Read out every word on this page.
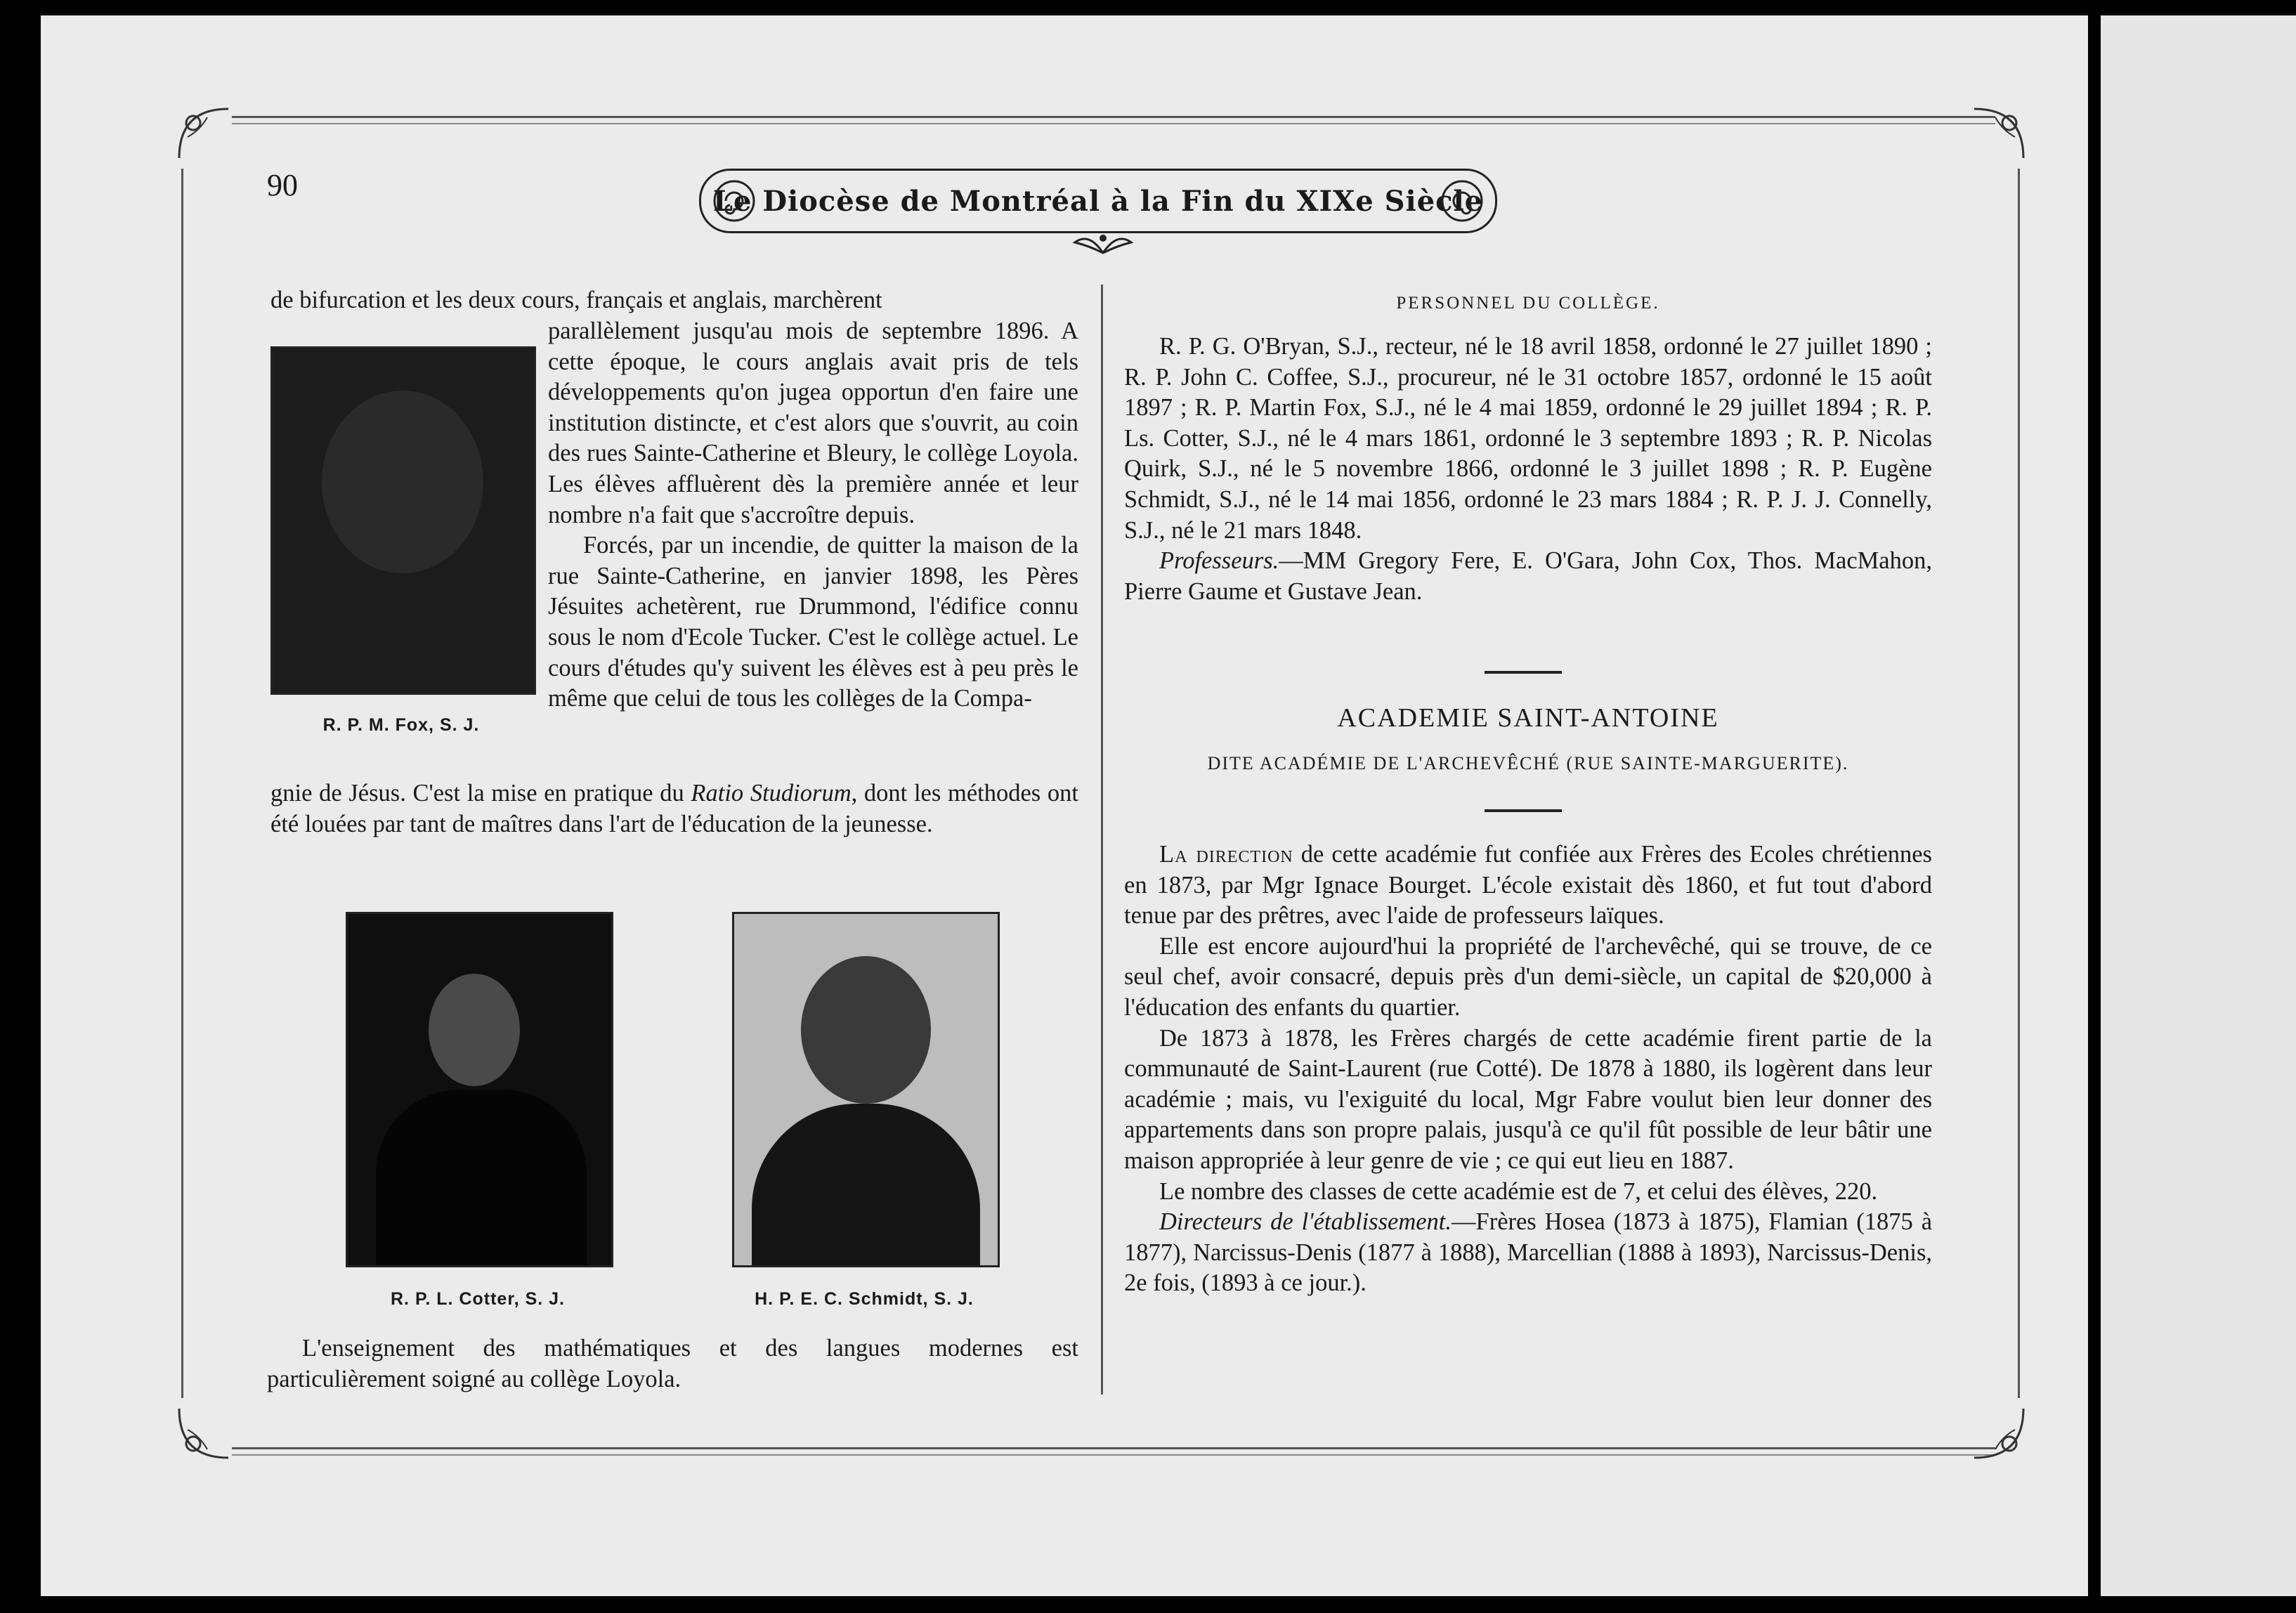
90	Le Diocèse de Montréal à la Fin du XIXe Siècle

de bifurcation et les deux cours, français et anglais, marchèrent

R. P. M. Fox, S. J.

parallèlement jusqu'au mois de septembre 1896. A cette époque, le cours anglais avait pris de tels développements qu'on jugea opportun d'en faire une institution distincte, et c'est alors que s'ouvrit, au coin des rues Sainte-Catherine et Bleury, le collège Loyola. Les élèves affluèrent dès la première année et leur nombre n'a fait que s'accroître depuis.

Forcés, par un incendie, de quitter la maison de la rue Sainte-Catherine, en janvier 1898, les Pères Jésuites achetèrent, rue Drummond, l'édifice connu sous le nom d'Ecole Tucker. C'est le collège actuel. Le cours d'études qu'y suivent les élèves est à peu près le même que celui de tous les collèges de la Compa-

gnie de Jésus. C'est la mise en pratique du Ratio Studiorum, dont les méthodes ont été louées par tant de maîtres dans l'art de l'éducation de la jeunesse.

R. P. L. Cotter, S. J.	H. P. E. C. Schmidt, S. J.

L'enseignement des mathématiques et des langues modernes est particulièrement soigné au collège Loyola.

PERSONNEL DU COLLÈGE.

R. P. G. O'Bryan, S.J., recteur, né le 18 avril 1858, ordonné le 27 juillet 1890 ; R. P. John C. Coffee, S.J., procureur, né le 31 octobre 1857, ordonné le 15 août 1897 ; R. P. Martin Fox, S.J., né le 4 mai 1859, ordonné le 29 juillet 1894 ; R. P. Ls. Cotter, S.J., né le 4 mars 1861, ordonné le 3 septembre 1893 ; R. P. Nicolas Quirk, S.J., né le 5 novembre 1866, ordonné le 3 juillet 1898 ; R. P. Eugène Schmidt, S.J., né le 14 mai 1856, ordonné le 23 mars 1884 ; R. P. J. J. Connelly, S.J., né le 21 mars 1848.

Professeurs.—MM Gregory Fere, E. O'Gara, John Cox, Thos. MacMahon, Pierre Gaume et Gustave Jean.

ACADEMIE SAINT-ANTOINE
DITE ACADÉMIE DE L'ARCHEVÊCHÉ (RUE SAINTE-MARGUERITE).

La direction de cette académie fut confiée aux Frères des Ecoles chrétiennes en 1873, par Mgr Ignace Bourget. L'école existait dès 1860, et fut tout d'abord tenue par des prêtres, avec l'aide de professeurs laïques.

Elle est encore aujourd'hui la propriété de l'archevêché, qui se trouve, de ce seul chef, avoir consacré, depuis près d'un demi-siècle, un capital de $20,000 à l'éducation des enfants du quartier.

De 1873 à 1878, les Frères chargés de cette académie firent partie de la communauté de Saint-Laurent (rue Cotté). De 1878 à 1880, ils logèrent dans leur académie ; mais, vu l'exiguité du local, Mgr Fabre voulut bien leur donner des appartements dans son propre palais, jusqu'à ce qu'il fût possible de leur bâtir une maison appropriée à leur genre de vie ; ce qui eut lieu en 1887.

Le nombre des classes de cette académie est de 7, et celui des élèves, 220.

Directeurs de l'établissement.—Frères Hosea (1873 à 1875), Flamian (1875 à 1877), Narcissus-Denis (1877 à 1888), Marcellian (1888 à 1893), Narcissus-Denis, 2e fois, (1893 à ce jour.).
